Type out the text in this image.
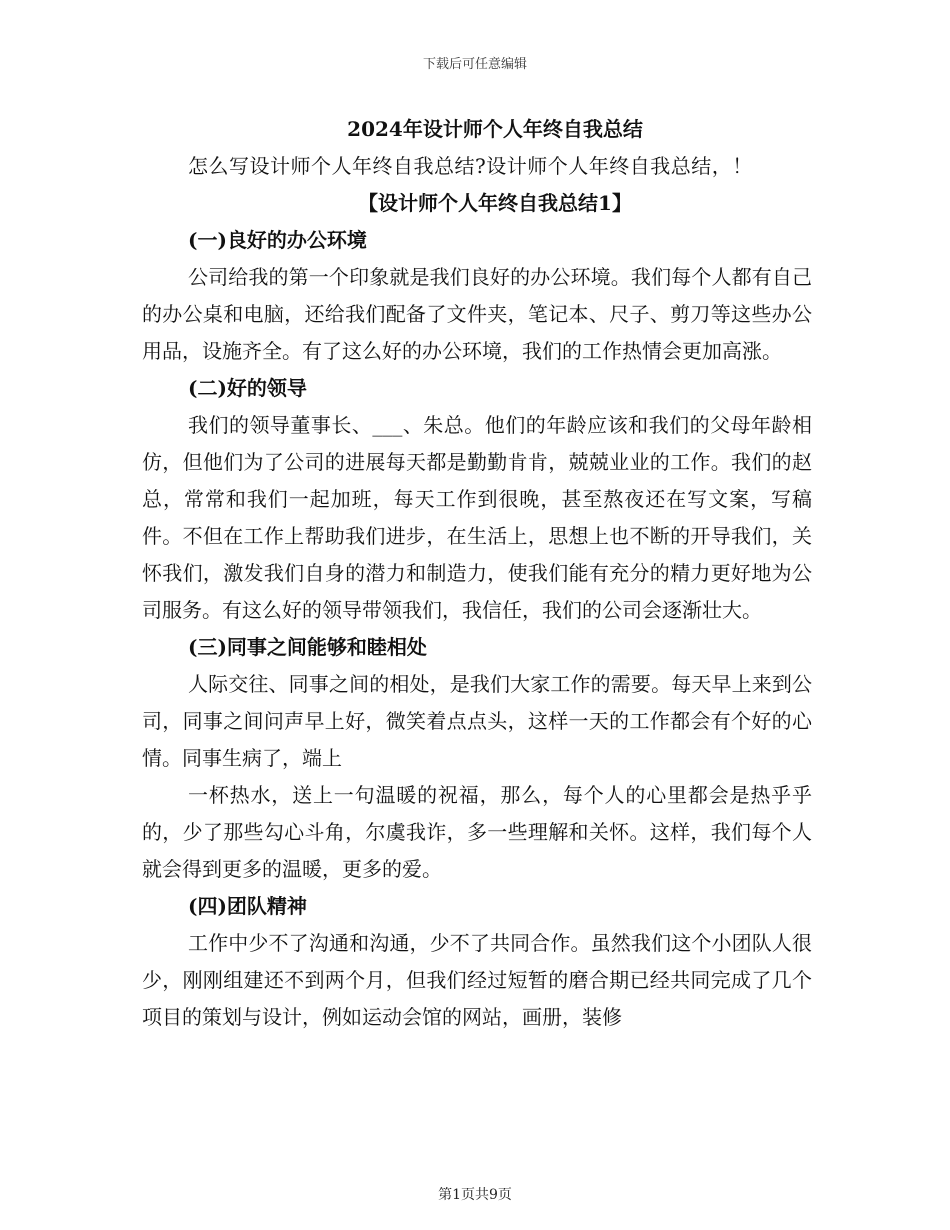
下载后可任意编辑
2024年设计师个人年终自我总结
怎么写设计师个人年终自我总结?设计师个人年终自我总结，！
【设计师个人年终自我总结1】

(一)良好的办公环境

公司给我的第一个印象就是我们良好的办公环境。我们每个人都有自己的办公桌和电脑，还给我们配备了文件夹，笔记本、尺子、剪刀等这些办公用品，设施齐全。有了这么好的办公环境，我们的工作热情会更加高涨。

(二)好的领导

我们的领导董事长、___、朱总。他们的年龄应该和我们的父母年龄相仿，但他们为了公司的进展每天都是勤勤肯肯，兢兢业业的工作。我们的赵总，常常和我们一起加班，每天工作到很晚，甚至熬夜还在写文案，写稿件。不但在工作上帮助我们进步，在生活上，思想上也不断的开导我们，关怀我们，激发我们自身的潜力和制造力，使我们能有充分的精力更好地为公司服务。有这么好的领导带领我们，我信任，我们的公司会逐渐壮大。

(三)同事之间能够和睦相处

人际交往、同事之间的相处，是我们大家工作的需要。每天早上来到公司，同事之间问声早上好，微笑着点点头，这样一天的工作都会有个好的心情。同事生病了，端上

一杯热水，送上一句温暖的祝福，那么，每个人的心里都会是热乎乎的，少了那些勾心斗角，尔虞我诈，多一些理解和关怀。这样，我们每个人就会得到更多的温暖，更多的爱。

(四)团队精神

工作中少不了沟通和沟通，少不了共同合作。虽然我们这个小团队人很少，刚刚组建还不到两个月，但我们经过短暂的磨合期已经共同完成了几个项目的策划与设计，例如运动会馆的网站，画册，装修

第1页共9页
